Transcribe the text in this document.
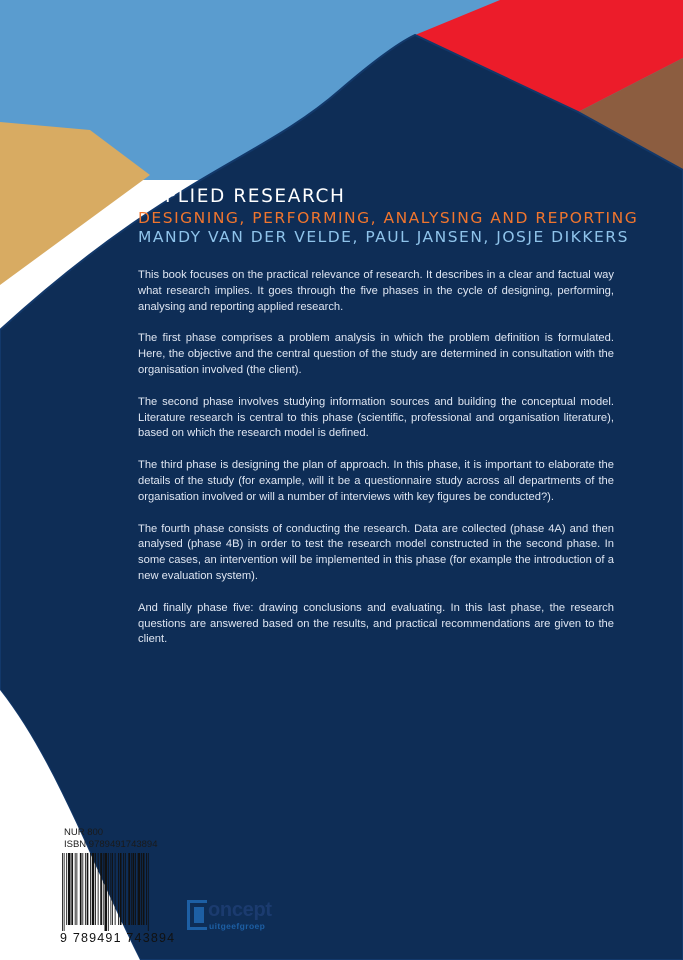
APPLIED RESEARCH
DESIGNING, PERFORMING, ANALYSING AND REPORTING
MANDY VAN DER VELDE, PAUL JANSEN, JOSJE DIKKERS

This book focuses on the practical relevance of research. It describes in a clear and factual way what research implies. It goes through the five phases in the cycle of designing, performing, analysing and reporting applied research.

The first phase comprises a problem analysis in which the problem definition is formulated. Here, the objective and the central question of the study are determined in consultation with the organisation involved (the client).

The second phase involves studying information sources and building the conceptual model. Literature research is central to this phase (scientific, professional and organisation literature), based on which the research model is defined.

The third phase is designing the plan of approach. In this phase, it is important to elaborate the details of the study (for example, will it be a questionnaire study across all departments of the organisation involved or will a number of interviews with key figures be conducted?).

The fourth phase consists of conducting the research. Data are collected (phase 4A) and then analysed (phase 4B) in order to test the research model constructed in the second phase. In some cases, an intervention will be implemented in this phase (for example the introduction of a new evaluation system).

And finally phase five: drawing conclusions and evaluating. In this last phase, the research questions are answered based on the results, and practical recommendations are given to the client.

NUR 800
ISBN 9789491743894
9 789491 743894
oncept
uitgeefgroep
